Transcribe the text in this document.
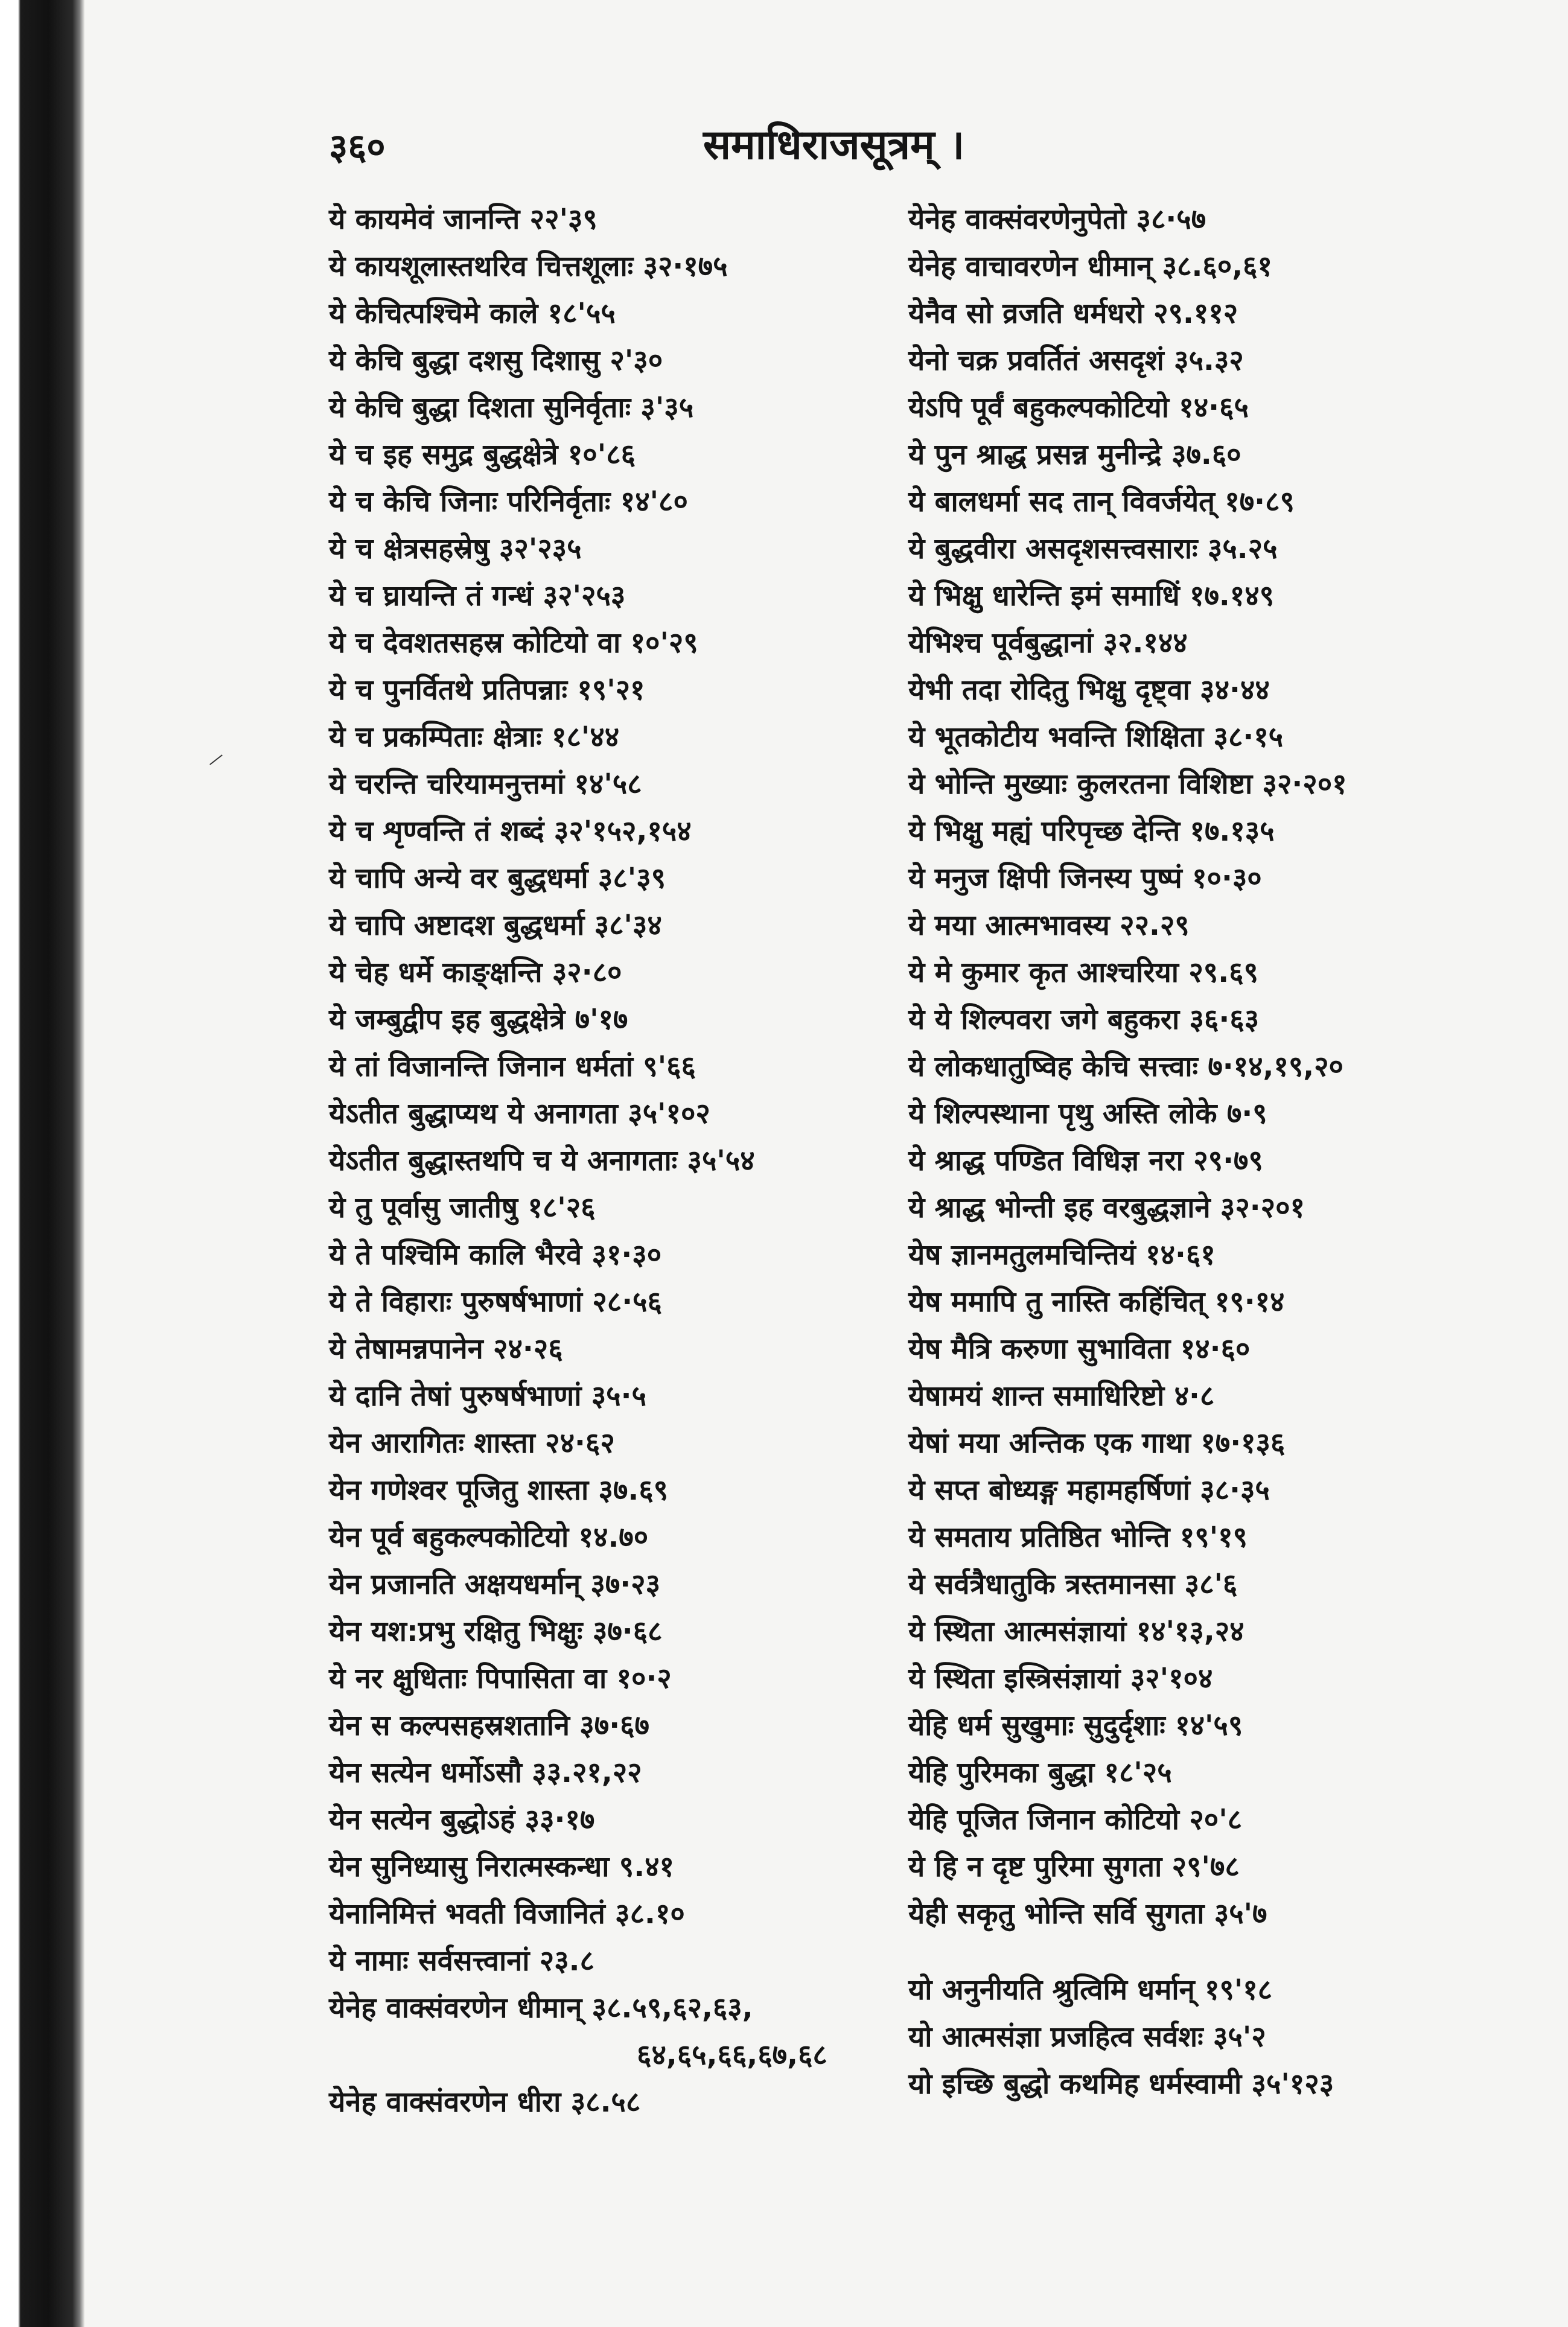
३६०	समाधिराजसूत्रम् ।
ये कायमेवं जानन्ति २२'३९
ये कायशूलास्तथरिव चित्तशूलाः ३२·१७५
ये केचित्पश्चिमे काले १८'५५
ये केचि बुद्धा दशसु दिशासु २'३०
ये केचि बुद्धा दिशता सुनिर्वृताः ३'३५
ये च इह समुद्र बुद्धक्षेत्रे १०'८६
ये च केचि जिनाः परिनिर्वृताः १४'८०
ये च क्षेत्रसहस्रेषु ३२'२३५
ये च घ्रायन्ति तं गन्धं ३२'२५३
ये च देवशतसहस्र कोटियो वा १०'२९
ये च पुनर्वितथे प्रतिपन्नाः १९'२१
ये च प्रकम्पिताः क्षेत्राः १८'४४
ये चरन्ति चरियामनुत्तमां १४'५८
ये च शृण्वन्ति तं शब्दं ३२'१५२,१५४
ये चापि अन्ये वर बुद्धधर्मा ३८'३९
ये चापि अष्टादश बुद्धधर्मा ३८'३४
ये चेह धर्मे काङ्क्षन्ति ३२·८०
ये जम्बुद्वीप इह बुद्धक्षेत्रे ७'१७
ये तां विजानन्ति जिनान धर्मतां ९'६६
येऽतीत बुद्धाप्यथ ये अनागता ३५'१०२
येऽतीत बुद्धास्तथपि च ये अनागताः ३५'५४
ये तु पूर्वासु जातीषु १८'२६
ये ते पश्चिमि कालि भैरवे ३१·३०
ये ते विहाराः पुरुषर्षभाणां २८·५६
ये तेषामन्नपानेन २४·२६
ये दानि तेषां पुरुषर्षभाणां ३५·५
येन आरागितः शास्ता २४·६२
येन गणेश्वर पूजितु शास्ता ३७.६९
येन पूर्व बहुकल्पकोटियो १४.७०
येन प्रजानति अक्षयधर्मान् ३७·२३
येन यश:प्रभु रक्षितु भिक्षुः ३७·६८
ये नर क्षुधिताः पिपासिता वा १०·२
येन स कल्पसहस्रशतानि ३७·६७
येन सत्येन धर्मोऽसौ ३३.२१,२२
येन सत्येन बुद्धोऽहं ३३·१७
येन सुनिध्यासु निरात्मस्कन्धा ९.४१
येनानिमित्तं भवती विजानितं ३८.१०
ये नामाः सर्वसत्त्वानां २३.८
येनेह वाक्संवरणेन धीमान् ३८.५९,६२,६३,
६४,६५,६६,६७,६८
येनेह वाक्संवरणेन धीरा ३८.५८
येनेह वाक्संवरणेनुपेतो ३८·५७
येनेह वाचावरणेन धीमान् ३८.६०,६१
येनैव सो व्रजति धर्मधरो २९.११२
येनो चक्र प्रवर्तितं असदृशं ३५.३२
येऽपि पूर्वं बहुकल्पकोटियो १४·६५
ये पुन श्राद्ध प्रसन्न मुनीन्द्रे ३७.६०
ये बालधर्मा सद तान् विवर्जयेत् १७·८९
ये बुद्धवीरा असदृशसत्त्वसाराः ३५.२५
ये भिक्षु धारेन्ति इमं समाधिं १७.१४९
येभिश्च पूर्वबुद्धानां ३२.१४४
येभी तदा रोदितु भिक्षु दृष्ट्वा ३४·४४
ये भूतकोटीय भवन्ति शिक्षिता ३८·१५
ये भोन्ति मुख्याः कुलरतना विशिष्टा ३२·२०१
ये भिक्षु मह्यं परिपृच्छ देन्ति १७.१३५
ये मनुज क्षिपी जिनस्य पुष्पं १०·३०
ये मया आत्मभावस्य २२.२९
ये मे कुमार कृत आश्चरिया २९.६९
ये ये शिल्पवरा जगे बहुकरा ३६·६३
ये लोकधातुष्विह केचि सत्त्वाः ७·१४,१९,२०
ये शिल्पस्थाना पृथु अस्ति लोके ७·९
ये श्राद्ध पण्डित विधिज्ञ नरा २९·७९
ये श्राद्ध भोन्ती इह वरबुद्धज्ञाने ३२·२०१
येष ज्ञानमतुलमचिन्तियं १४·६१
येष ममापि तु नास्ति कहिंचित् १९·१४
येष मैत्रि करुणा सुभाविता १४·६०
येषामयं शान्त समाधिरिष्टो ४·८
येषां मया अन्तिक एक गाथा १७·१३६
ये सप्त बोध्यङ्ग महामहर्षिणां ३८·३५
ये समताय प्रतिष्ठित भोन्ति १९'१९
ये सर्वत्रैधातुकि त्रस्तमानसा ३८'६
ये स्थिता आत्मसंज्ञायां १४'१३,२४
ये स्थिता इस्त्रिसंज्ञायां ३२'१०४
येहि धर्म सुखुमाः सुदुर्दृशाः १४'५९
येहि पुरिमका बुद्धा १८'२५
येहि पूजित जिनान कोटियो २०'८
ये हि न दृष्ट पुरिमा सुगता २९'७८
येही सकृतु भोन्ति सर्वि सुगता ३५'७
यो अनुनीयति श्रुत्विमि धर्मान् १९'१८
यो आत्मसंज्ञा प्रजहित्व सर्वशः ३५'२
यो इच्छि बुद्धो कथमिह धर्मस्वामी ३५'१२३
